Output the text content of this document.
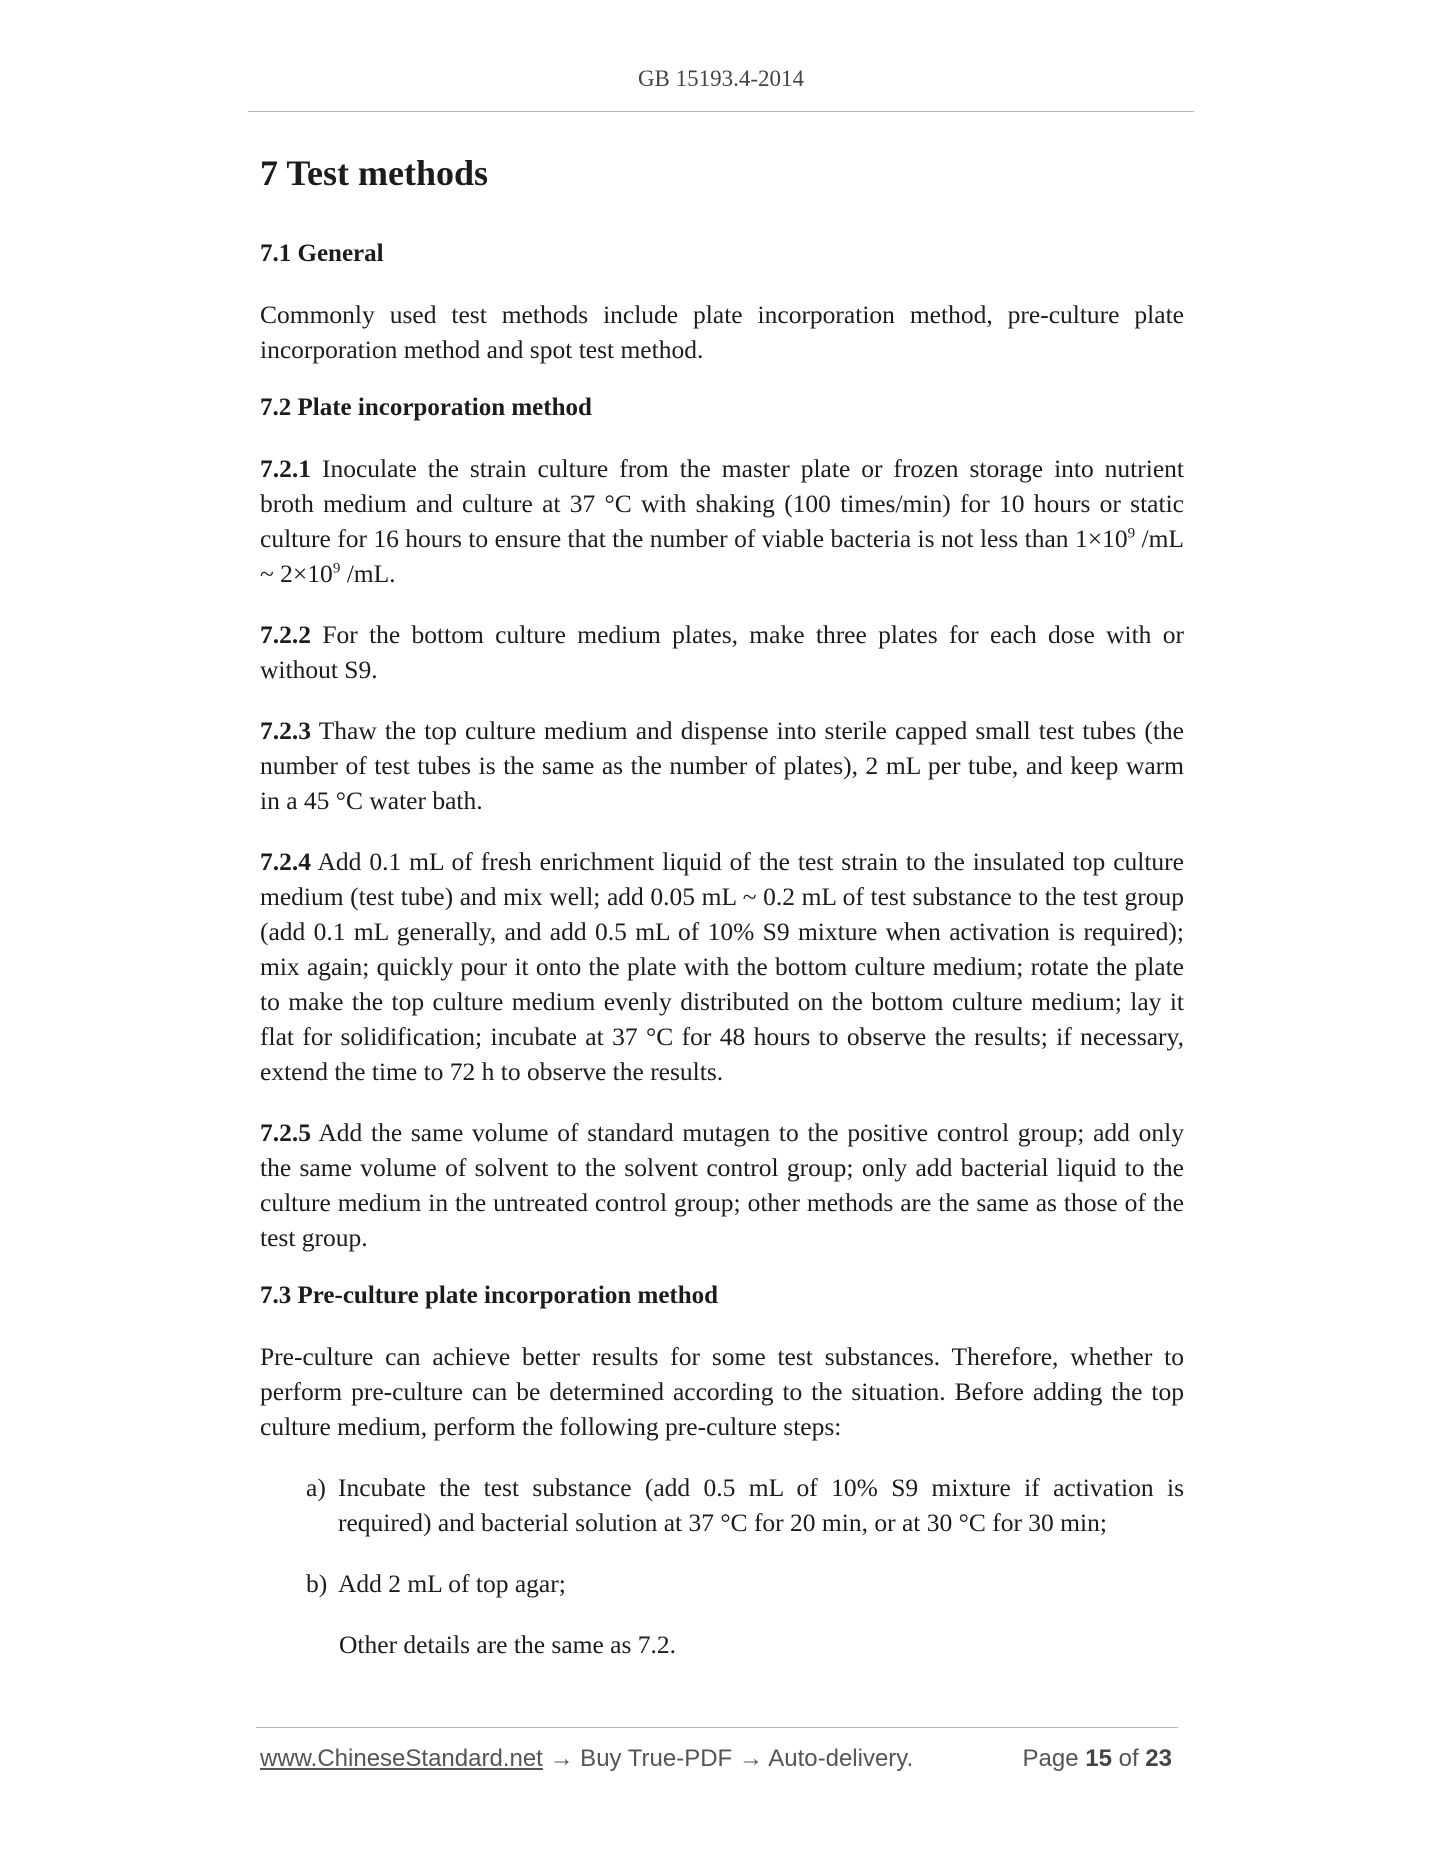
GB 15193.4-2014
7 Test methods
7.1 General

Commonly used test methods include plate incorporation method, pre-culture plate incorporation method and spot test method.

7.2 Plate incorporation method

7.2.1 Inoculate the strain culture from the master plate or frozen storage into nutrient broth medium and culture at 37 °C with shaking (100 times/min) for 10 hours or static culture for 16 hours to ensure that the number of viable bacteria is not less than $1\times 10^9$ /mL ~ $2\times 10^9$ /mL.

7.2.2 For the bottom culture medium plates, make three plates for each dose with or without S9.

7.2.3 Thaw the top culture medium and dispense into sterile capped small test tubes (the number of test tubes is the same as the number of plates), 2 mL per tube, and keep warm in a 45 °C water bath.

7.2.4 Add 0.1 mL of fresh enrichment liquid of the test strain to the insulated top culture medium (test tube) and mix well; add 0.05 mL ~ 0.2 mL of test substance to the test group (add 0.1 mL generally, and add 0.5 mL of 10% S9 mixture when activation is required); mix again; quickly pour it onto the plate with the bottom culture medium; rotate the plate to make the top culture medium evenly distributed on the bottom culture medium; lay it flat for solidification; incubate at 37 °C for 48 hours to observe the results; if necessary, extend the time to 72 h to observe the results.

7.2.5 Add the same volume of standard mutagen to the positive control group; add only the same volume of solvent to the solvent control group; only add bacterial liquid to the culture medium in the untreated control group; other methods are the same as those of the test group.

7.3 Pre-culture plate incorporation method

Pre-culture can achieve better results for some test substances. Therefore, whether to perform pre-culture can be determined according to the situation. Before adding the top culture medium, perform the following pre-culture steps:

a) Incubate the test substance (add 0.5 mL of 10% S9 mixture if activation is required) and bacterial solution at 37 °C for 20 min, or at 30 °C for 30 min;
b) Add 2 mL of top agar;

Other details are the same as 7.2.

www.ChineseStandard.net → Buy True-PDF → Auto-delivery.	Page 15 of 23
